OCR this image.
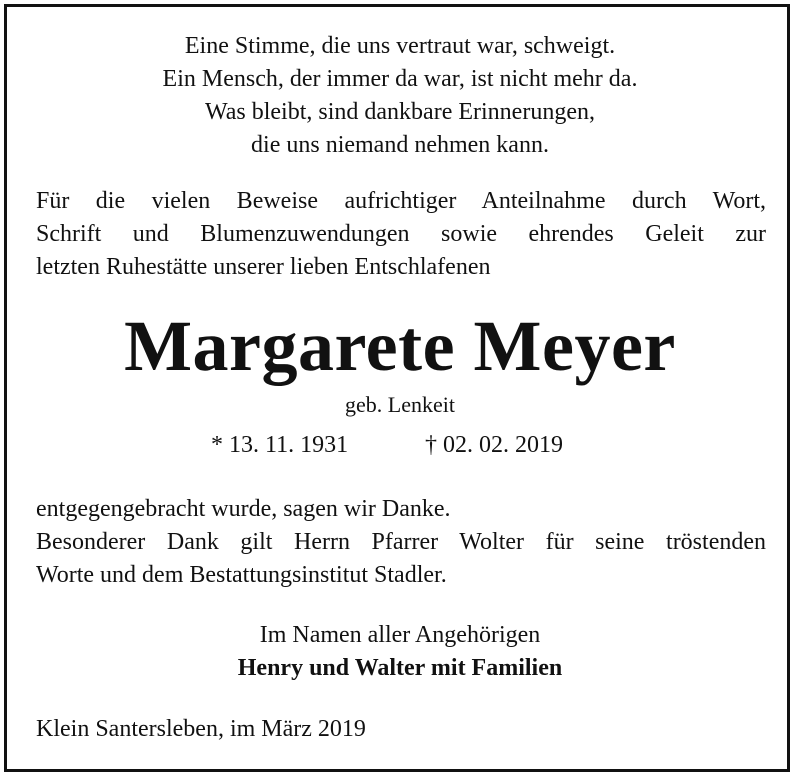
Eine Stimme, die uns vertraut war, schweigt.
Ein Mensch, der immer da war, ist nicht mehr da.
Was bleibt, sind dankbare Erinnerungen,
die uns niemand nehmen kann.
Für die vielen Beweise aufrichtiger Anteilnahme durch Wort,
Schrift und Blumenzuwendungen sowie ehrendes Geleit zur
letzten Ruhestätte unserer lieben Entschlafenen
Margarete Meyer
geb. Lenkeit
* 13. 11. 1931	† 02. 02. 2019
entgegengebracht wurde, sagen wir Danke.
Besonderer Dank gilt Herrn Pfarrer Wolter für seine tröstenden
Worte und dem Bestattungsinstitut Stadler.
Im Namen aller Angehörigen
Henry und Walter mit Familien
Klein Santersleben, im März 2019
